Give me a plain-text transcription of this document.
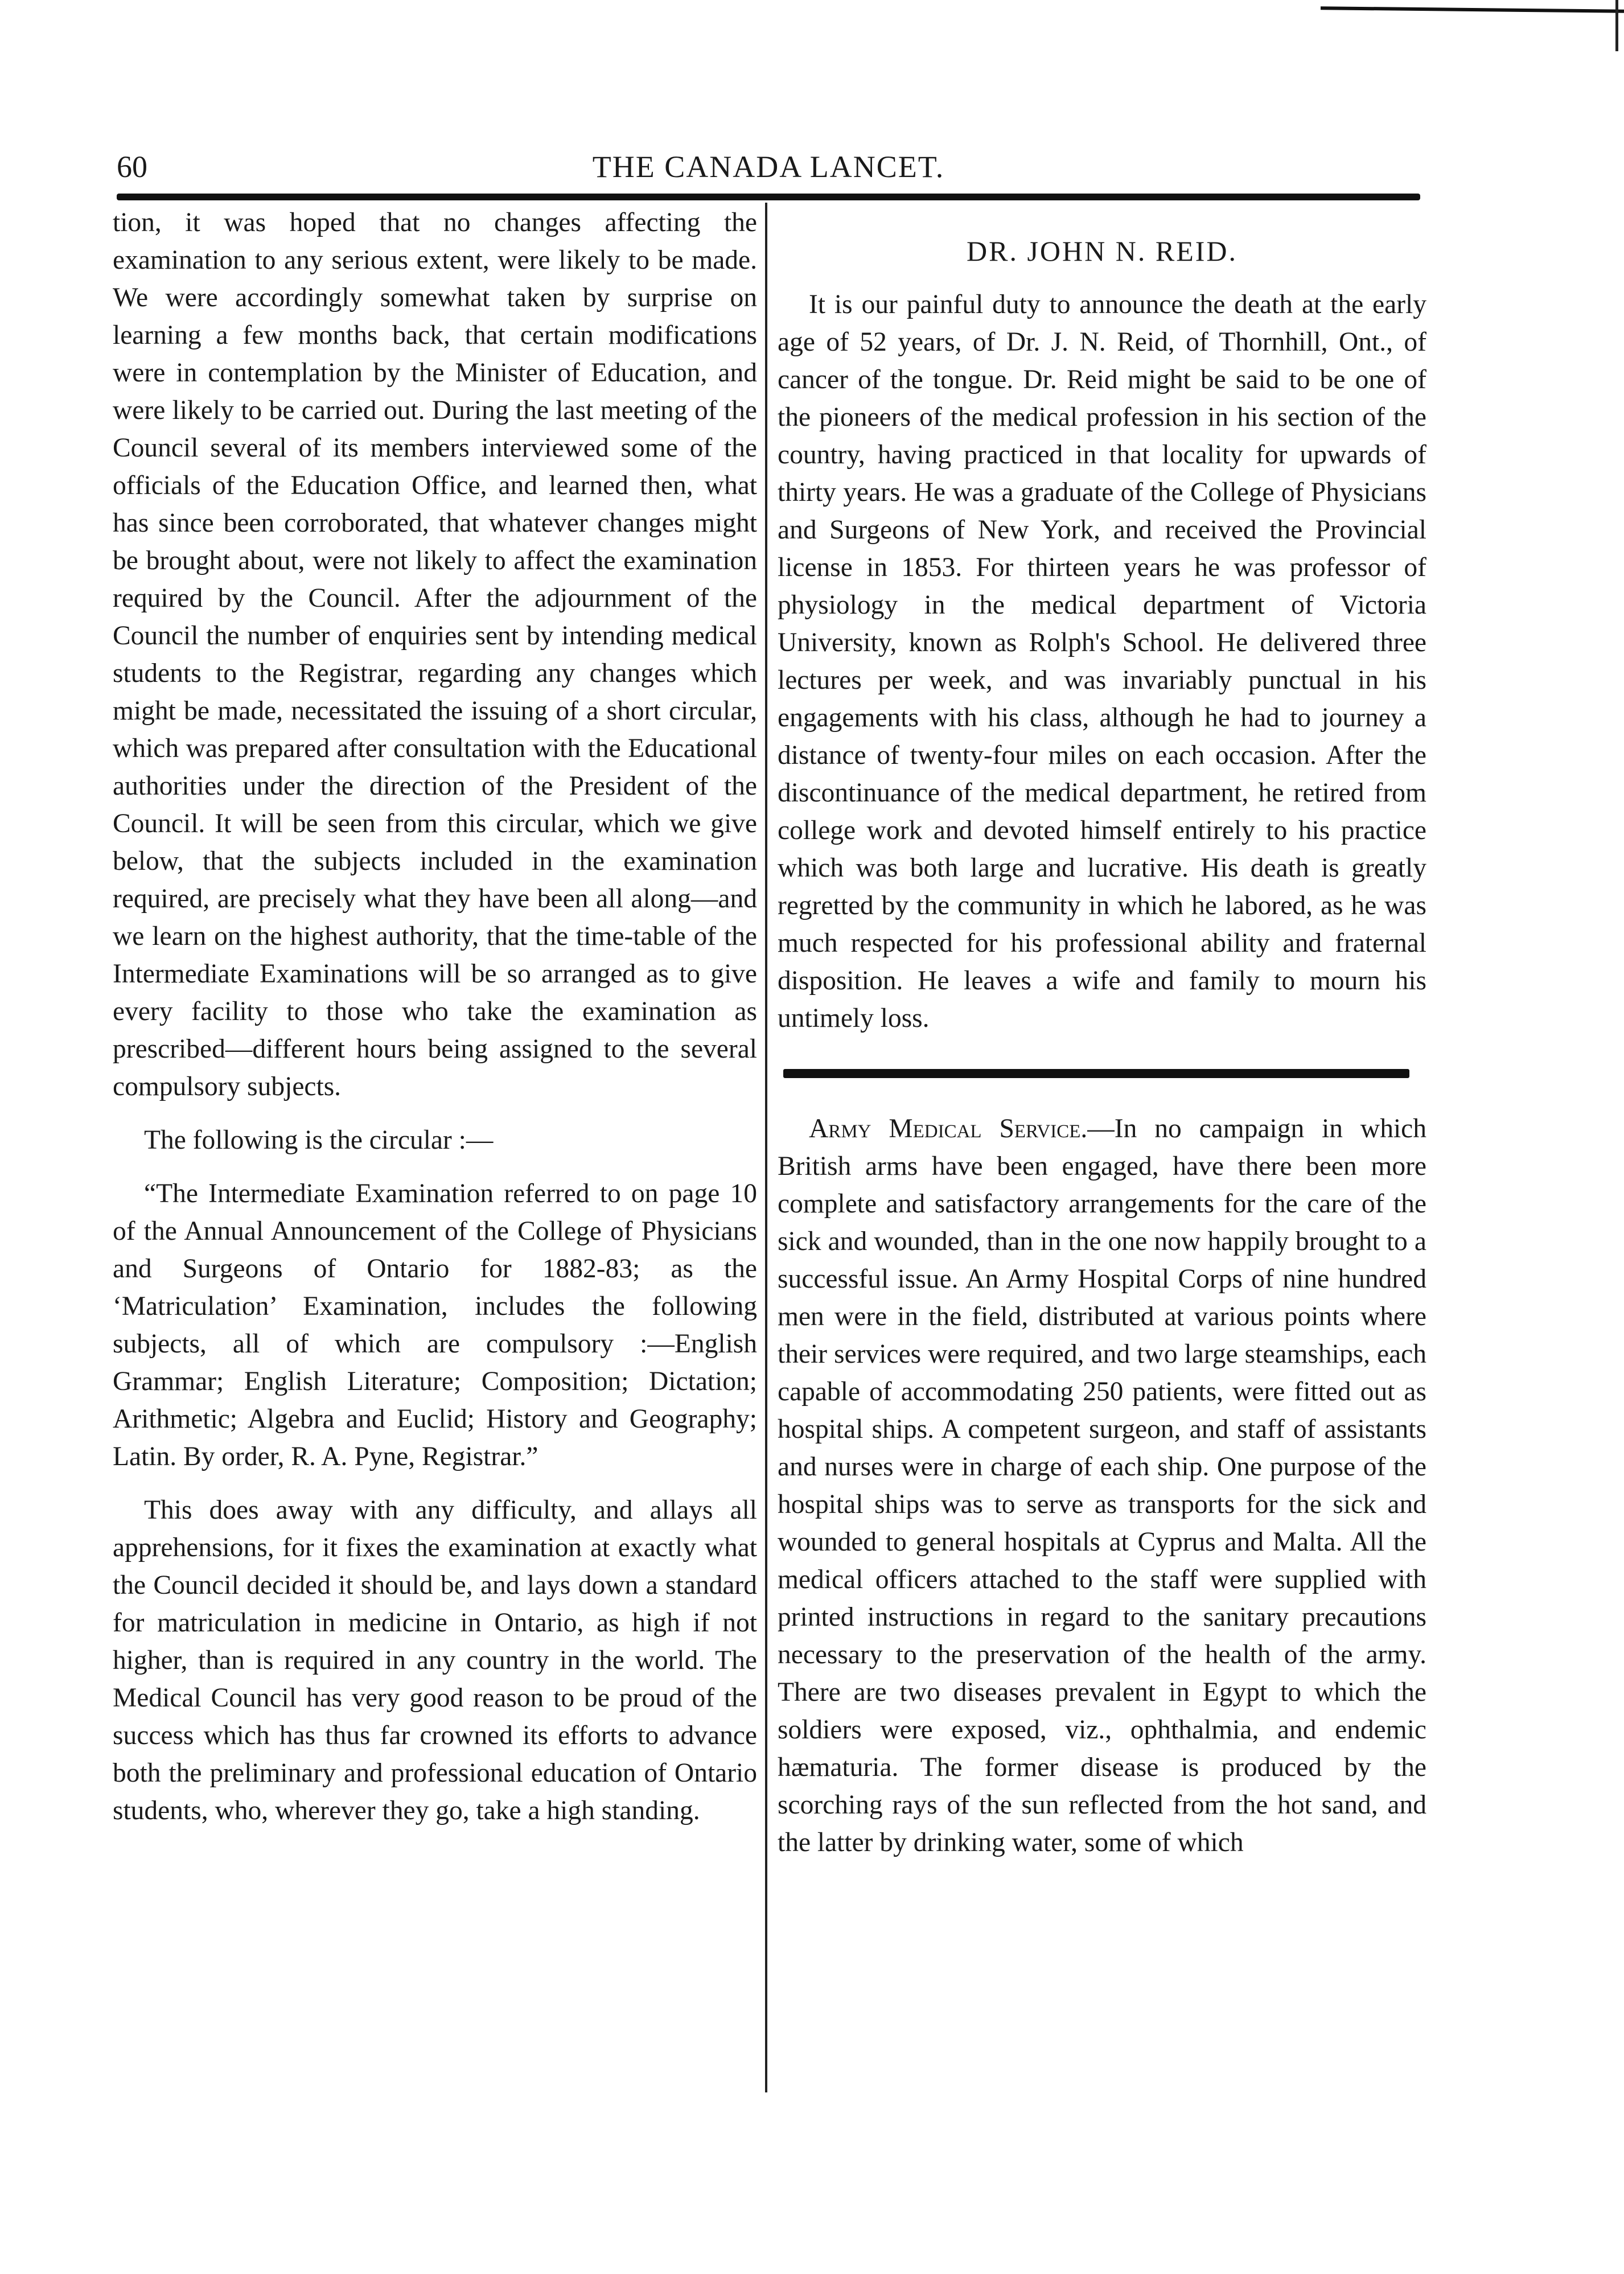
60	THE CANADA LANCET.

tion, it was hoped that no changes affecting the examination to any serious extent, were likely to be made. We were accordingly somewhat taken by surprise on learning a few months back, that certain modifications were in contemplation by the Minister of Education, and were likely to be carried out. During the last meeting of the Council several of its members interviewed some of the officials of the Education Office, and learned then, what has since been corroborated, that whatever changes might be brought about, were not likely to affect the examination required by the Council. After the adjournment of the Council the number of enquiries sent by intending medical students to the Registrar, regarding any changes which might be made, necessitated the issuing of a short circular, which was prepared after consultation with the Educational authorities under the direction of the President of the Council. It will be seen from this circular, which we give below, that the subjects included in the examination required, are precisely what they have been all along—and we learn on the highest authority, that the time-table of the Intermediate Examinations will be so arranged as to give every facility to those who take the examination as prescribed—different hours being assigned to the several compulsory subjects.

The following is the circular :—

“The Intermediate Examination referred to on page 10 of the Annual Announcement of the College of Physicians and Surgeons of Ontario for 1882-83; as the ‘Matriculation’ Examination, includes the following subjects, all of which are compulsory :—English Grammar; English Literature; Composition; Dictation; Arithmetic; Algebra and Euclid; History and Geography; Latin. By order, R. A. Pyne, Registrar.”

This does away with any difficulty, and allays all apprehensions, for it fixes the examination at exactly what the Council decided it should be, and lays down a standard for matriculation in medicine in Ontario, as high if not higher, than is required in any country in the world. The Medical Council has very good reason to be proud of the success which has thus far crowned its efforts to advance both the preliminary and professional education of Ontario students, who, wherever they go, take a high standing.

DR. JOHN N. REID.

It is our painful duty to announce the death at the early age of 52 years, of Dr. J. N. Reid, of Thornhill, Ont., of cancer of the tongue. Dr. Reid might be said to be one of the pioneers of the medical profession in his section of the country, having practiced in that locality for upwards of thirty years. He was a graduate of the College of Physicians and Surgeons of New York, and received the Provincial license in 1853. For thirteen years he was professor of physiology in the medical department of Victoria University, known as Rolph's School. He delivered three lectures per week, and was invariably punctual in his engagements with his class, although he had to journey a distance of twenty-four miles on each occasion. After the discontinuance of the medical department, he retired from college work and devoted himself entirely to his practice which was both large and lucrative. His death is greatly regretted by the community in which he labored, as he was much respected for his professional ability and fraternal disposition. He leaves a wife and family to mourn his untimely loss.

Army Medical Service.—In no campaign in which British arms have been engaged, have there been more complete and satisfactory arrangements for the care of the sick and wounded, than in the one now happily brought to a successful issue. An Army Hospital Corps of nine hundred men were in the field, distributed at various points where their services were required, and two large steamships, each capable of accommodating 250 patients, were fitted out as hospital ships. A competent surgeon, and staff of assistants and nurses were in charge of each ship. One purpose of the hospital ships was to serve as transports for the sick and wounded to general hospitals at Cyprus and Malta. All the medical officers attached to the staff were supplied with printed instructions in regard to the sanitary precautions necessary to the preservation of the health of the army. There are two diseases prevalent in Egypt to which the soldiers were exposed, viz., ophthalmia, and endemic hæmaturia. The former disease is produced by the scorching rays of the sun reflected from the hot sand, and the latter by drinking water, some of which
